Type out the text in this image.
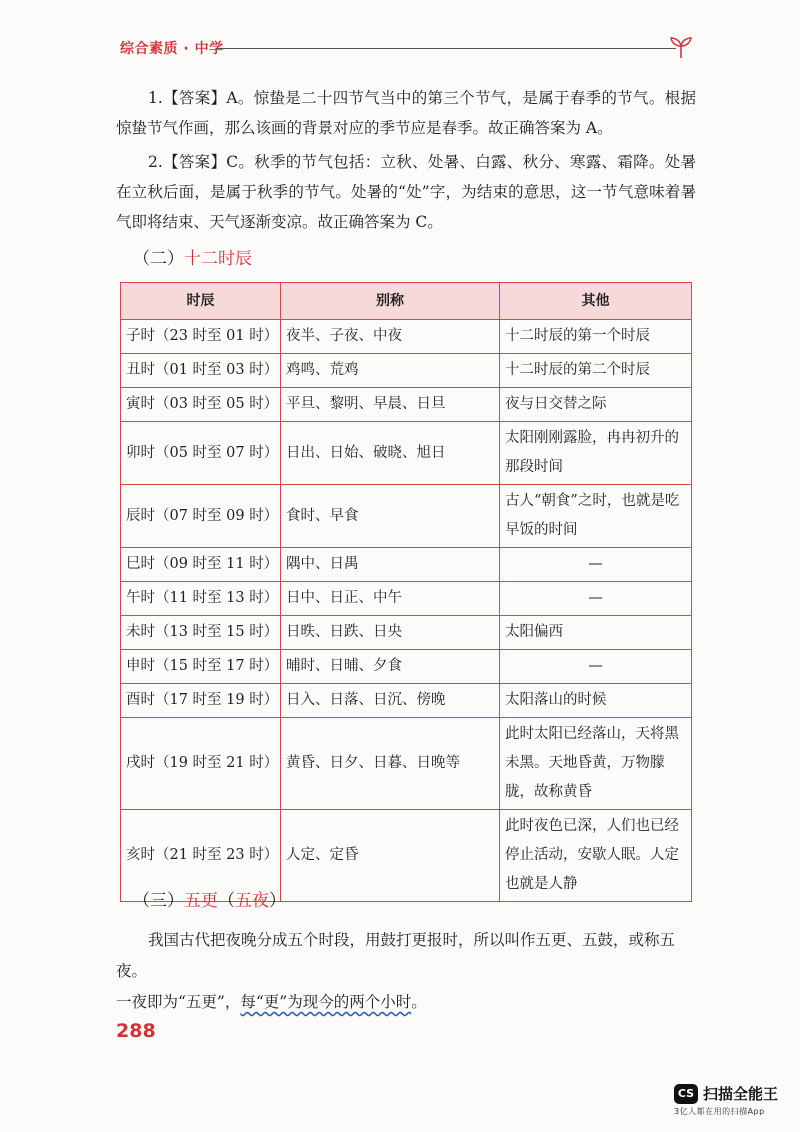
综合素质 · 中学

1.【答案】A。惊蛰是二十四节气当中的第三个节气，是属于春季的节气。根据惊蛰节气作画，那么该画的背景对应的季节应是春季。故正确答案为 A。

2.【答案】C。秋季的节气包括：立秋、处暑、白露、秋分、寒露、霜降。处暑在立秋后面，是属于秋季的节气。处暑的“处”字，为结束的意思，这一节气意味着暑气即将结束、天气逐渐变凉。故正确答案为 C。

（二）十二时辰
时辰	别称	其他
子时（23 时至 01 时）	夜半、子夜、中夜	十二时辰的第一个时辰
丑时（01 时至 03 时）	鸡鸣、荒鸡	十二时辰的第二个时辰
寅时（03 时至 05 时）	平旦、黎明、早晨、日旦	夜与日交替之际
卯时（05 时至 07 时）	日出、日始、破晓、旭日	太阳刚刚露脸，冉冉初升的那段时间
辰时（07 时至 09 时）	食时、早食	古人“朝食”之时，也就是吃早饭的时间
巳时（09 时至 11 时）	隅中、日禺	—
午时（11 时至 13 时）	日中、日正、中午	—
未时（13 时至 15 时）	日昳、日跌、日央	太阳偏西
申时（15 时至 17 时）	晡时、日晡、夕食	—
酉时（17 时至 19 时）	日入、日落、日沉、傍晚	太阳落山的时候
戌时（19 时至 21 时）	黄昏、日夕、日暮、日晚等	此时太阳已经落山，天将黑未黑。天地昏黄，万物朦胧，故称黄昏
亥时（21 时至 23 时）	人定、定昏	此时夜色已深，人们也已经停止活动，安歇人眠。人定也就是人静
（三）五更（五夜）

我国古代把夜晚分成五个时段，用鼓打更报时，所以叫作五更、五鼓，或称五夜。

一夜即为“五更”，每“更”为现今的两个小时。

288
CS 扫描全能王
3亿人都在用的扫描App
